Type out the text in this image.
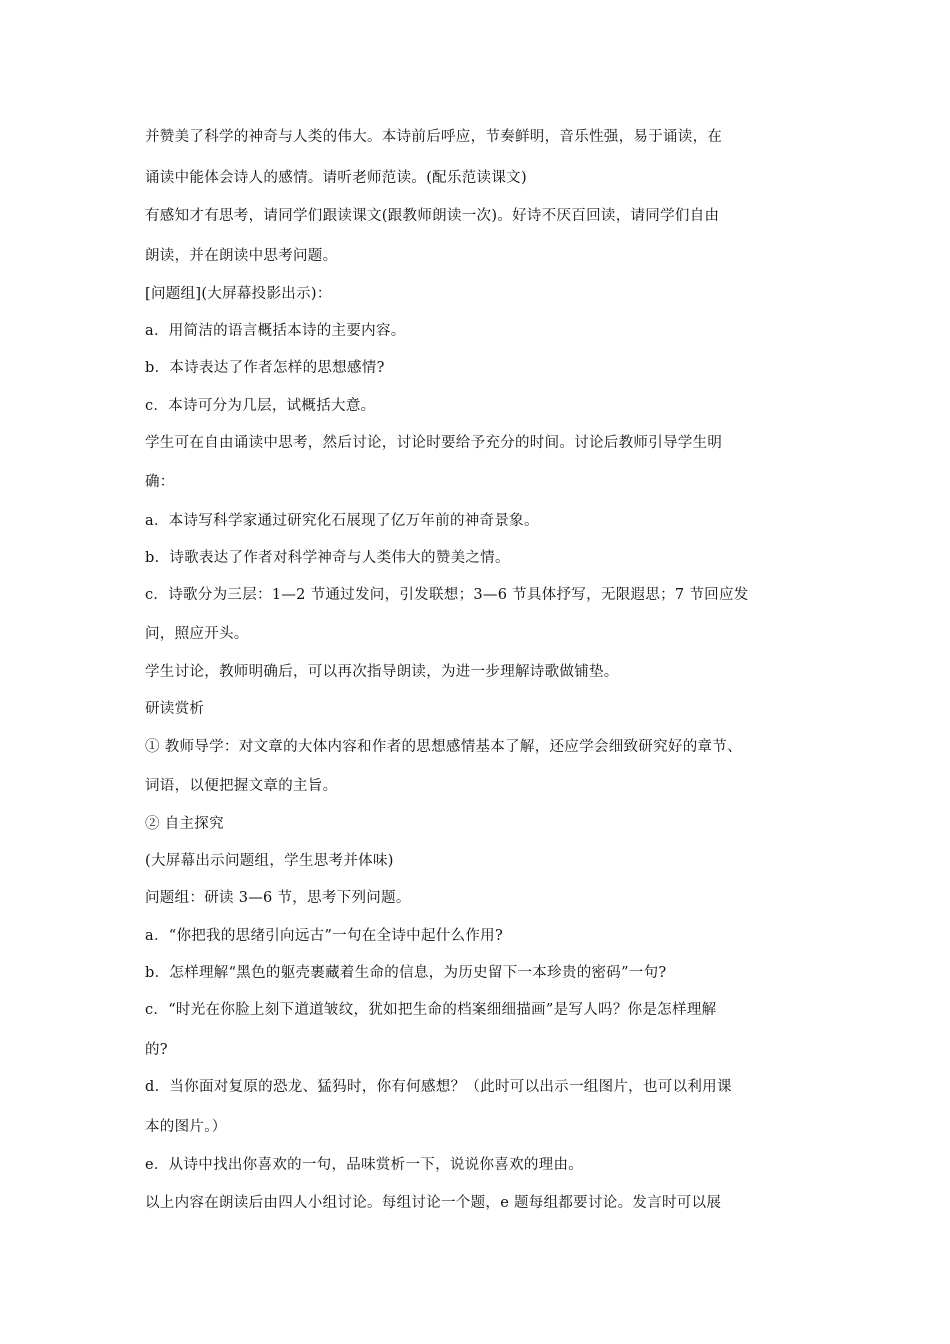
并赞美了科学的神奇与人类的伟大。本诗前后呼应，节奏鲜明，音乐性强，易于诵读，在
诵读中能体会诗人的感情。请听老师范读。(配乐范读课文)
有感知才有思考，请同学们跟读课文(跟教师朗读一次)。好诗不厌百回读，请同学们自由
朗读，并在朗读中思考问题。
[问题组](大屏幕投影出示)：
a．用简洁的语言概括本诗的主要内容。
b．本诗表达了作者怎样的思想感情?
c．本诗可分为几层，试概括大意。
学生可在自由诵读中思考，然后讨论，讨论时要给予充分的时间。讨论后教师引导学生明
确：
a．本诗写科学家通过研究化石展现了亿万年前的神奇景象。
b．诗歌表达了作者对科学神奇与人类伟大的赞美之情。
c．诗歌分为三层：1—2 节通过发问，引发联想；3—6 节具体抒写，无限遐思；7 节回应发
问，照应开头。
学生讨论，教师明确后，可以再次指导朗读，为进一步理解诗歌做铺垫。
研读赏析
① 教师导学：对文章的大体内容和作者的思想感情基本了解，还应学会细致研究好的章节、
词语，以便把握文章的主旨。
② 自主探究
(大屏幕出示问题组，学生思考并体味)
问题组：研读 3—6 节，思考下列问题。
a．“你把我的思绪引向远古”一句在全诗中起什么作用?
b．怎样理解“黑色的躯壳裹藏着生命的信息，为历史留下一本珍贵的密码”一句?
c．“时光在你脸上刻下道道皱纹，犹如把生命的档案细细描画”是写人吗？你是怎样理解
的?
d．当你面对复原的恐龙、猛犸时，你有何感想？（此时可以出示一组图片，也可以利用课
本的图片。）
e．从诗中找出你喜欢的一句，品味赏析一下，说说你喜欢的理由。
以上内容在朗读后由四人小组讨论。每组讨论一个题，e 题每组都要讨论。发言时可以展
